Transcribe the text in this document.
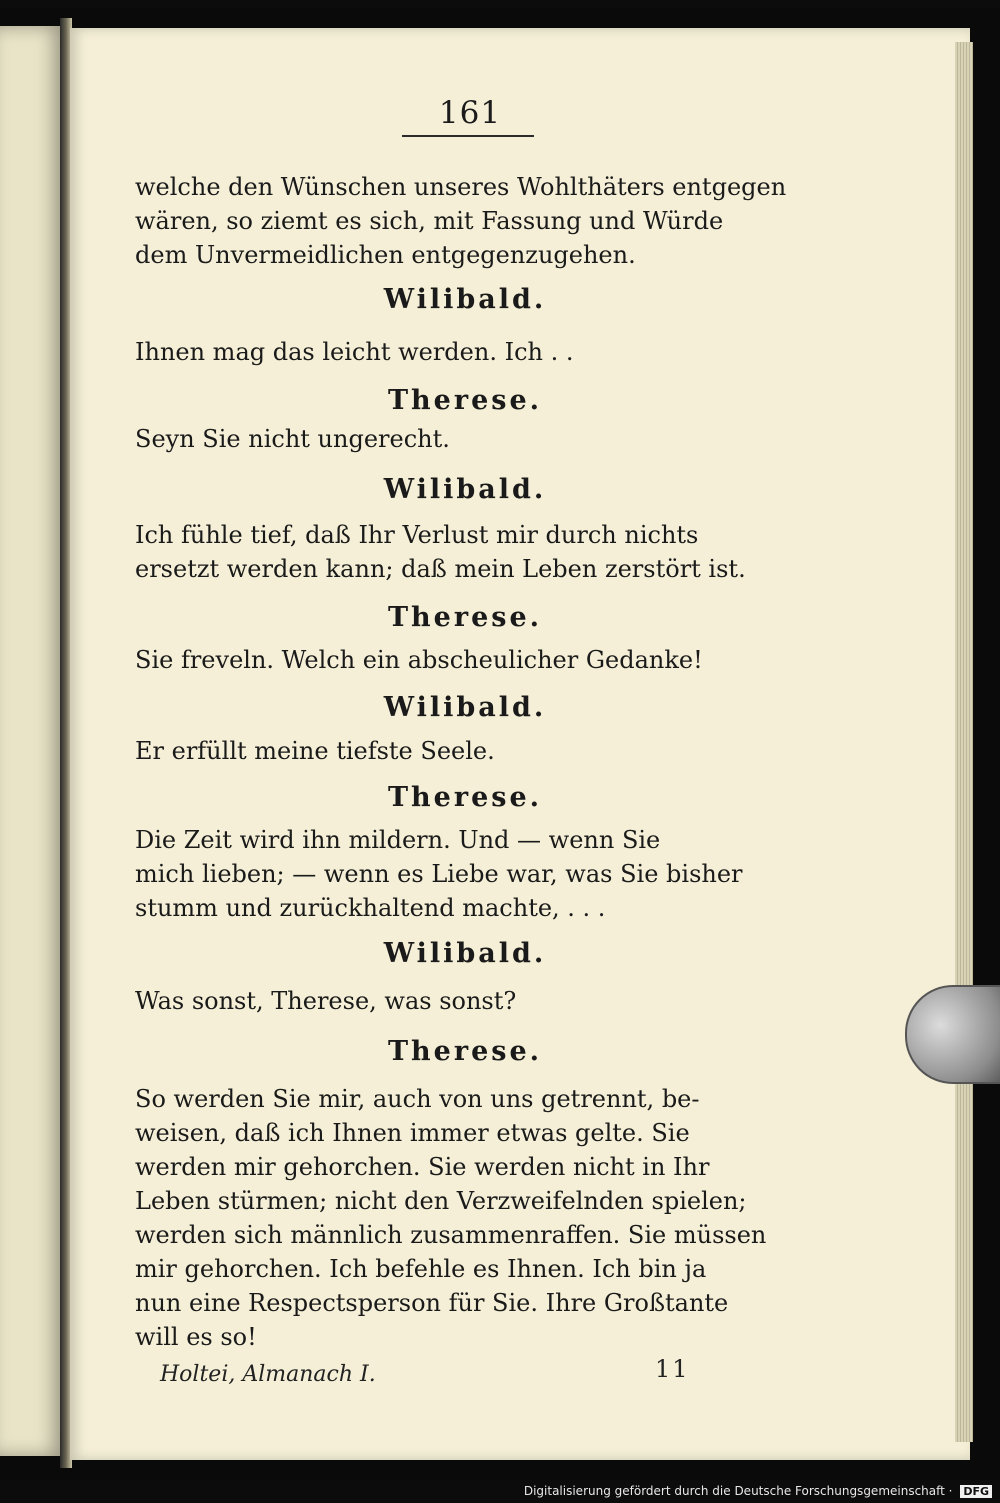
161
welche den Wünschen unseres Wohlthäters entgegen
wären, so ziemt es sich, mit Fassung und Würde
dem Unvermeidlichen entgegenzugehen.
Wilibald.
Ihnen mag das leicht werden. Ich . .
Therese.
Seyn Sie nicht ungerecht.
Wilibald.
Ich fühle tief, daß Ihr Verlust mir durch nichts
ersetzt werden kann; daß mein Leben zerstört ist.
Therese.
Sie freveln. Welch ein abscheulicher Gedanke!
Wilibald.
Er erfüllt meine tiefste Seele.
Therese.
Die Zeit wird ihn mildern. Und — wenn Sie
mich lieben; — wenn es Liebe war, was Sie bisher
stumm und zurückhaltend machte, . . .
Wilibald.
Was sonst, Therese, was sonst?
Therese.
So werden Sie mir, auch von uns getrennt, be-
weisen, daß ich Ihnen immer etwas gelte. Sie
werden mir gehorchen. Sie werden nicht in Ihr
Leben stürmen; nicht den Verzweifelnden spielen;
werden sich männlich zusammenraffen. Sie müssen
mir gehorchen. Ich befehle es Ihnen. Ich bin ja
nun eine Respectsperson für Sie. Ihre Großtante
will es so!
Holtei, Almanach I.	11
Digitalisierung gefördert durch die Deutsche Forschungsgemeinschaft · DFG
